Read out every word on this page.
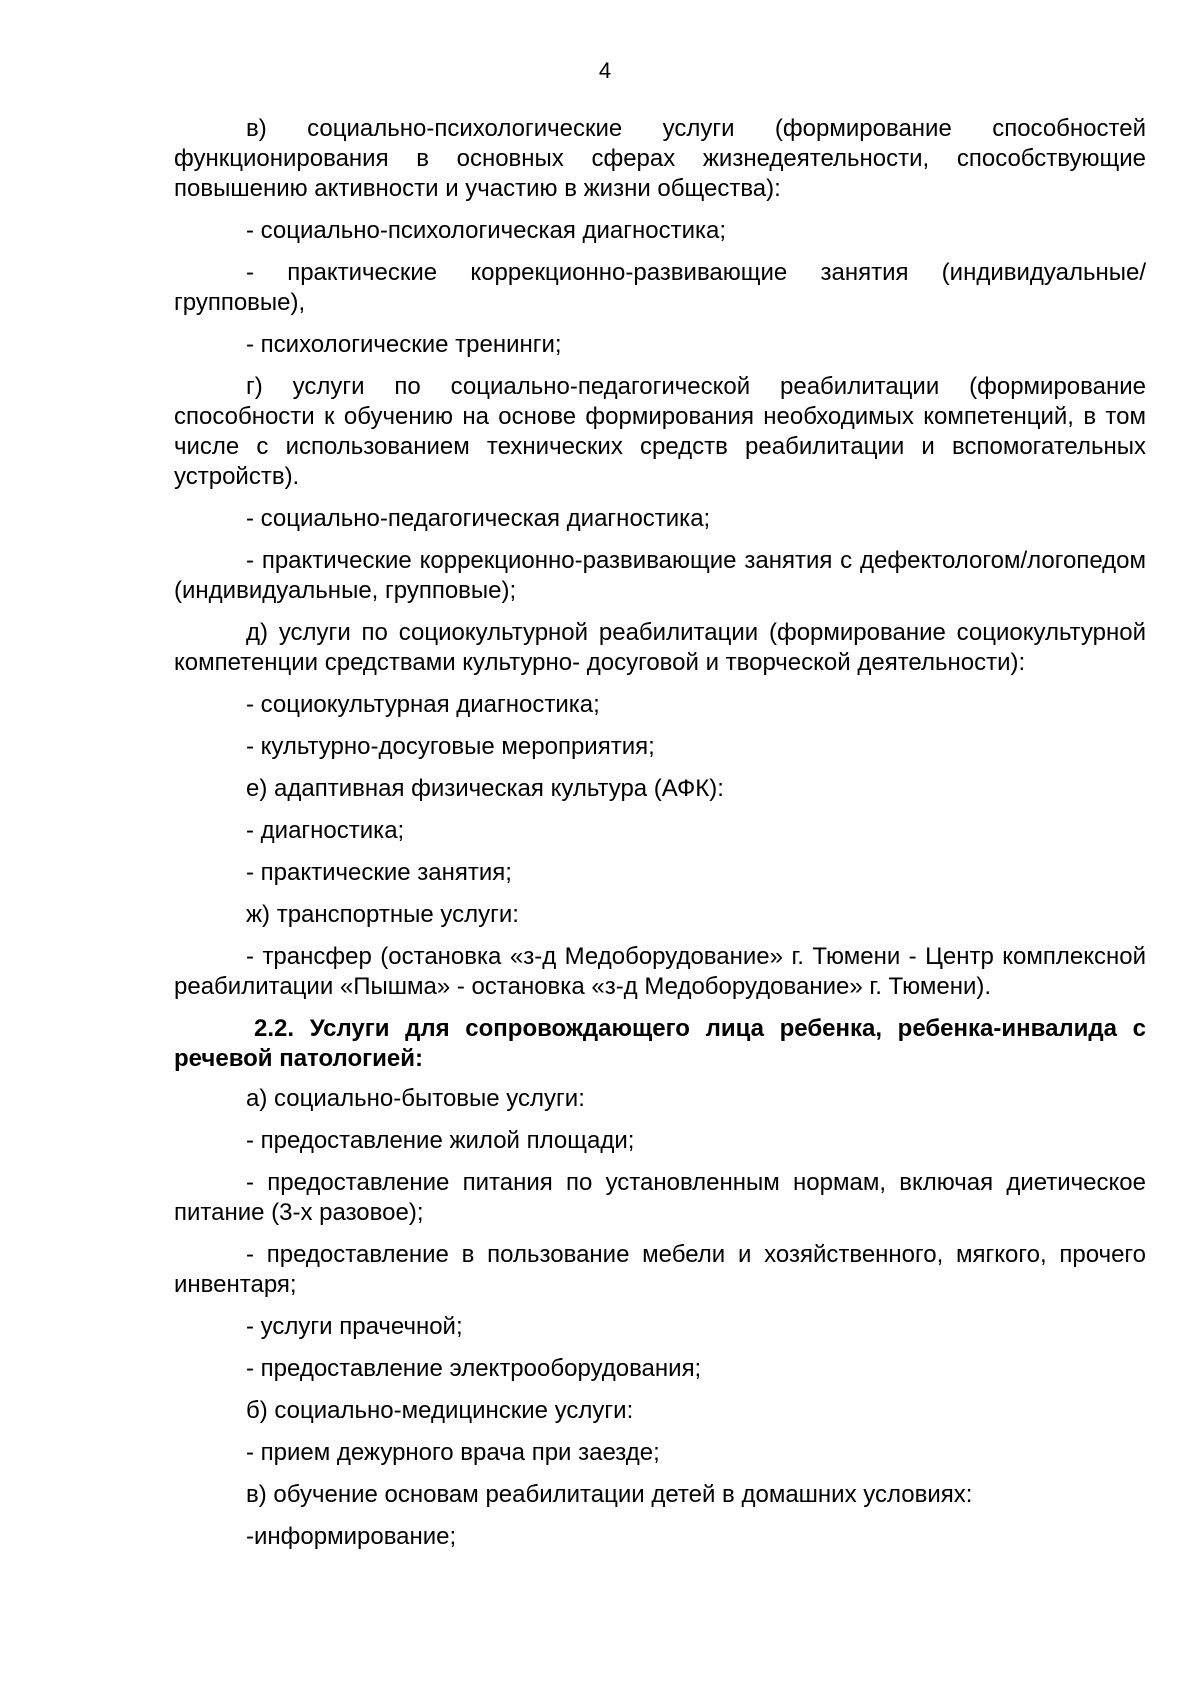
4

в) социально-психологические услуги (формирование способностей функционирования в основных сферах жизнедеятельности, способствующие повышению активности и участию в жизни общества):

- социально-психологическая диагностика;

- практические коррекционно-развивающие занятия (индивидуальные/групповые),

- психологические тренинги;

г) услуги по социально-педагогической реабилитации (формирование способности к обучению на основе формирования необходимых компетенций, в том числе с использованием технических средств реабилитации и вспомогательных устройств).

- социально-педагогическая диагностика;

- практические коррекционно-развивающие занятия с дефектологом/логопедом    (индивидуальные, групповые);

д) услуги по социокультурной реабилитации (формирование социокультурной компетенции средствами культурно- досуговой и творческой деятельности):

- социокультурная диагностика;

- культурно-досуговые мероприятия;

е) адаптивная физическая культура (АФК):

- диагностика;

- практические занятия;

ж) транспортные услуги:

- трансфер (остановка «з-д Медоборудование» г. Тюмени - Центр комплексной реабилитации «Пышма» - остановка «з-д Медоборудование» г. Тюмени).

2.2. Услуги для сопровождающего лица ребенка, ребенка-инвалида с речевой патологией:

а) социально-бытовые услуги:

- предоставление жилой площади;

- предоставление питания по установленным нормам, включая диетическое питание (3-х разовое);

- предоставление в пользование мебели и хозяйственного, мягкого, прочего инвентаря;

- услуги прачечной;

- предоставление электрооборудования;

б) социально-медицинские услуги:

- прием дежурного врача при заезде;

в) обучение основам реабилитации детей в домашних условиях:

-информирование;
